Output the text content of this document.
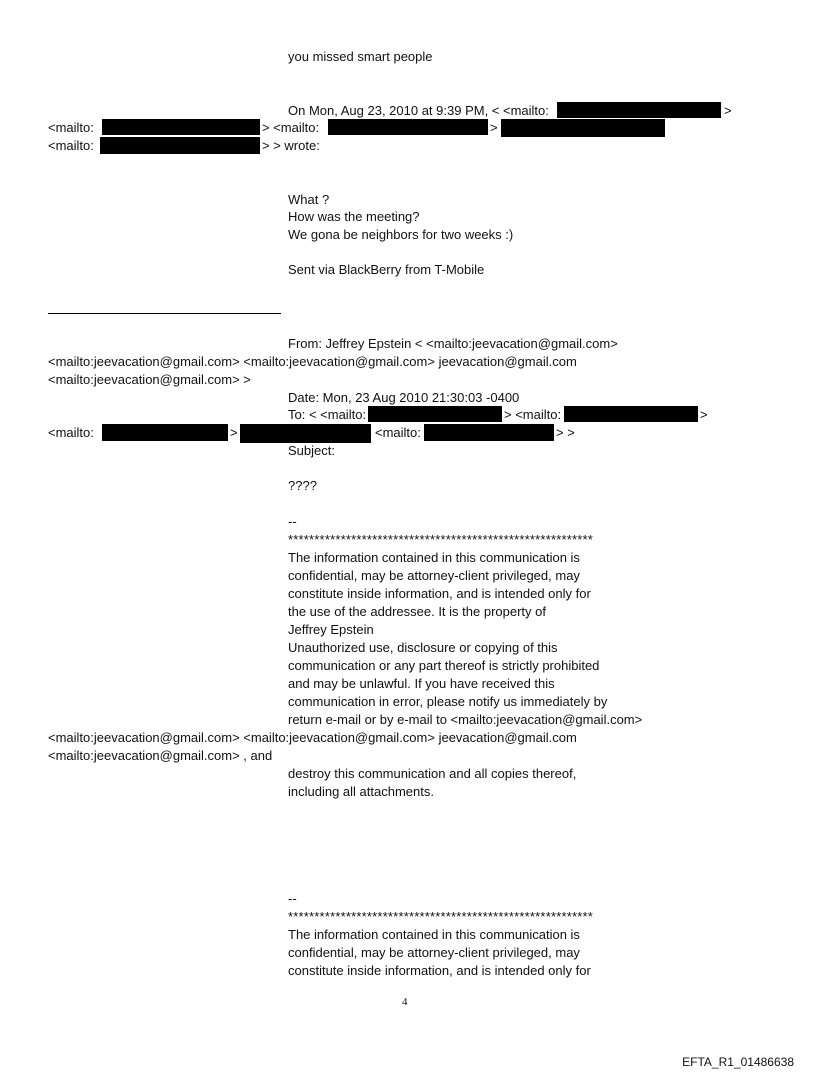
you missed smart people
On Mon, Aug 23, 2010 at 9:39 PM, < <mailto:	>
<mailto:	> <mailto:	>
<mailto:	> > wrote:
What ?
How was the meeting?
We gona be neighbors for two weeks :)
Sent via BlackBerry from T-Mobile
From: Jeffrey Epstein < <mailto:jeevacation@gmail.com>
<mailto:jeevacation@gmail.com> <mailto:jeevacation@gmail.com> jeevacation@gmail.com
<mailto:jeevacation@gmail.com> >
Date: Mon, 23 Aug 2010 21:30:03 -0400
To: < <mailto:	> <mailto:	>
<mailto:	>	<mailto:	> >
Subject:
????
--
**********************************************************
The information contained in this communication is
confidential, may be attorney-client privileged, may
constitute inside information, and is intended only for
the use of the addressee. It is the property of
Jeffrey Epstein
Unauthorized use, disclosure or copying of this
communication or any part thereof is strictly prohibited
and may be unlawful. If you have received this
communication in error, please notify us immediately by
return e-mail or by e-mail to <mailto:jeevacation@gmail.com>
<mailto:jeevacation@gmail.com> <mailto:jeevacation@gmail.com> jeevacation@gmail.com
<mailto:jeevacation@gmail.com> , and
destroy this communication and all copies thereof,
including all attachments.
--
**********************************************************
The information contained in this communication is
confidential, may be attorney-client privileged, may
constitute inside information, and is intended only for
4
EFTA_R1_01486638
